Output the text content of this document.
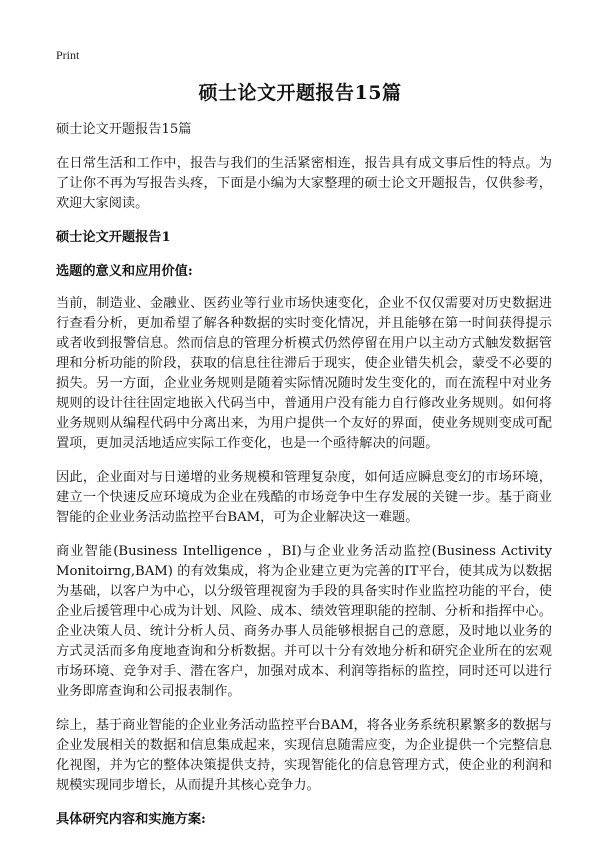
Print
硕士论文开题报告15篇
硕士论文开题报告15篇
在日常生活和工作中，报告与我们的生活紧密相连，报告具有成文事后性的特点。为了让你不再为写报告头疼，下面是小编为大家整理的硕士论文开题报告，仅供参考，欢迎大家阅读。
硕士论文开题报告1
选题的意义和应用价值:
当前，制造业、金融业、医药业等行业市场快速变化，企业不仅仅需要对历史数据进行查看分析，更加希望了解各种数据的实时变化情况，并且能够在第一时间获得提示或者收到报警信息。然而信息的管理分析模式仍然停留在用户以主动方式触发数据管理和分析功能的阶段，获取的信息往往滞后于现实，使企业错失机会，蒙受不必要的损失。另一方面，企业业务规则是随着实际情况随时发生变化的，而在流程中对业务规则的设计往往固定地嵌入代码当中，普通用户没有能力自行修改业务规则。如何将业务规则从编程代码中分离出来，为用户提供一个友好的界面，使业务规则变成可配置项，更加灵活地适应实际工作变化，也是一个亟待解决的问题。
因此，企业面对与日递增的业务规模和管理复杂度，如何适应瞬息变幻的市场环境，建立一个快速反应环境成为企业在残酷的市场竞争中生存发展的关键一步。基于商业智能的企业业务活动监控平台BAM，可为企业解决这一难题。
商业智能(Business Intelligence ，BI)与企业业务活动监控(Business Activity Monitoirng,BAM) 的有效集成，将为企业建立更为完善的IT平台，使其成为以数据为基础，以客户为中心，以分级管理视窗为手段的具备实时作业监控功能的平台，使企业后援管理中心成为计划、风险、成本、绩效管理职能的控制、分析和指挥中心。企业决策人员、统计分析人员、商务办事人员能够根据自己的意愿，及时地以业务的方式灵活而多角度地查询和分析数据。并可以十分有效地分析和研究企业所在的宏观市场环境、竞争对手、潜在客户，加强对成本、利润等指标的监控，同时还可以进行业务即席查询和公司报表制作。
综上，基于商业智能的企业业务活动监控平台BAM，将各业务系统积累繁多的数据与企业发展相关的数据和信息集成起来，实现信息随需应变，为企业提供一个完整信息化视图，并为它的整体决策提供支持，实现智能化的信息管理方式，使企业的利润和规模实现同步增长，从而提升其核心竞争力。
具体研究内容和实施方案:
